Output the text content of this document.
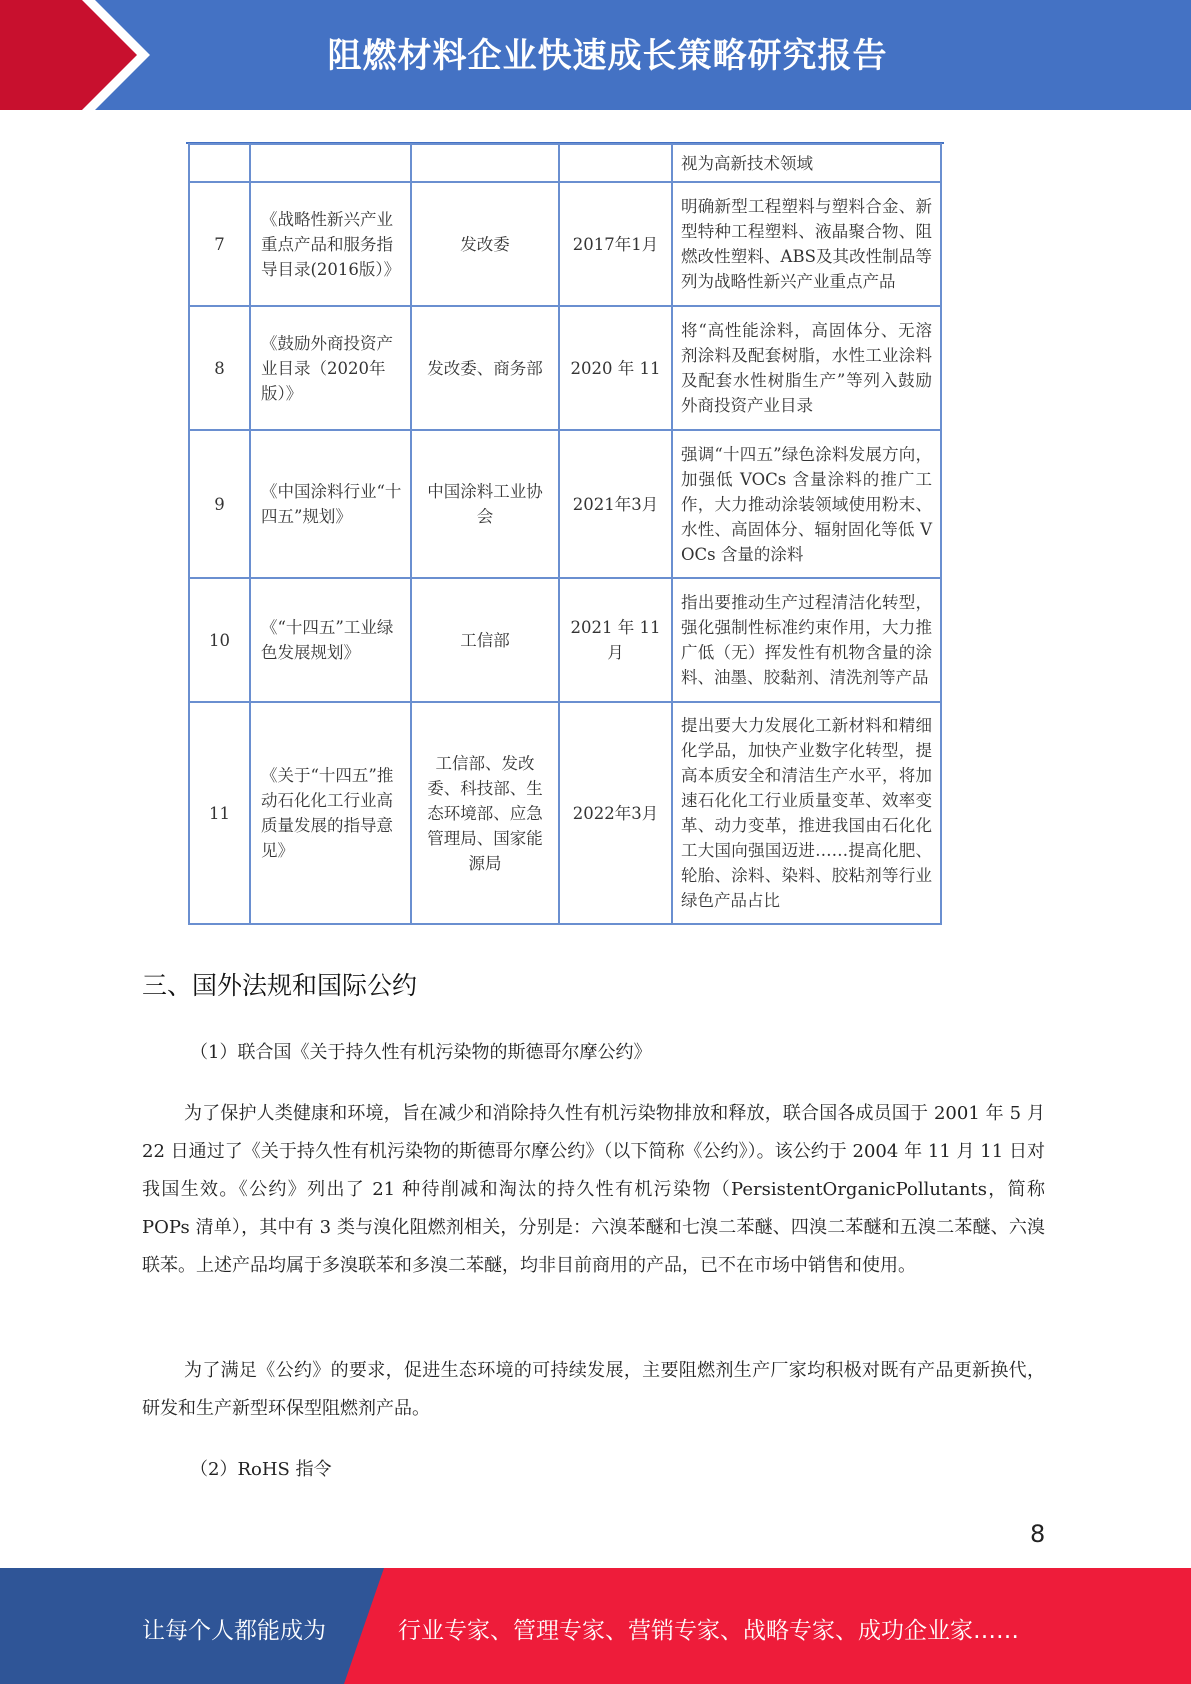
阻燃材料企业快速成长策略研究报告
				视为高新技术领域
7	《战略性新兴产业重点产品和服务指导目录(2016版）》	发改委	2017年1月	明确新型工程塑料与塑料合金、新型特种工程塑料、液晶聚合物、阻燃改性塑料、ABS及其改性制品等列为战略性新兴产业重点产品
8	《鼓励外商投资产业目录（2020年版）》	发改委、商务部	2020 年 11	将“高性能涂料，高固体分、无溶剂涂料及配套树脂，水性工业涂料及配套水性树脂生产”等列入鼓励外商投资产业目录
9	《中国涂料行业“十四五”规划》	中国涂料工业协会	2021年3月	强调“十四五”绿色涂料发展方向，加强低 VOCs 含量涂料的推广工作，大力推动涂装领域使用粉末、水性、高固体分、辐射固化等低 VOCs 含量的涂料
10	《“十四五”工业绿色发展规划》	工信部	2021 年 11 月	指出要推动生产过程清洁化转型，强化强制性标准约束作用，大力推广低（无）挥发性有机物含量的涂料、油墨、胶黏剂、清洗剂等产品
11	《关于“十四五”推动石化化工行业高质量发展的指导意见》	工信部、发改委、科技部、生态环境部、应急管理局、国家能源局	2022年3月	提出要大力发展化工新材料和精细化学品，加快产业数字化转型，提高本质安全和清洁生产水平，将加速石化化工行业质量变革、效率变革、动力变革，推进我国由石化化工大国向强国迈进……提高化肥、轮胎、涂料、染料、胶粘剂等行业绿色产品占比
三、国外法规和国际公约
（1）联合国《关于持久性有机污染物的斯德哥尔摩公约》

为了保护人类健康和环境，旨在减少和消除持久性有机污染物排放和释放，联合国各成员国于 2001 年 5 月 22 日通过了《关于持久性有机污染物的斯德哥尔摩公约》（以下简称《公约》）。该公约于 2004 年 11 月 11 日对我国生效。《公约》列出了 21 种待削减和淘汰的持久性有机污染物（PersistentOrganicPollutants，简称 POPs 清单），其中有 3 类与溴化阻燃剂相关，分别是：六溴苯醚和七溴二苯醚、四溴二苯醚和五溴二苯醚、六溴联苯。上述产品均属于多溴联苯和多溴二苯醚，均非目前商用的产品，已不在市场中销售和使用。

为了满足《公约》的要求，促进生态环境的可持续发展，主要阻燃剂生产厂家均积极对既有产品更新换代，研发和生产新型环保型阻燃剂产品。

（2）RoHS 指令
8
让每个人都能成为	行业专家、管理专家、营销专家、战略专家、成功企业家……
